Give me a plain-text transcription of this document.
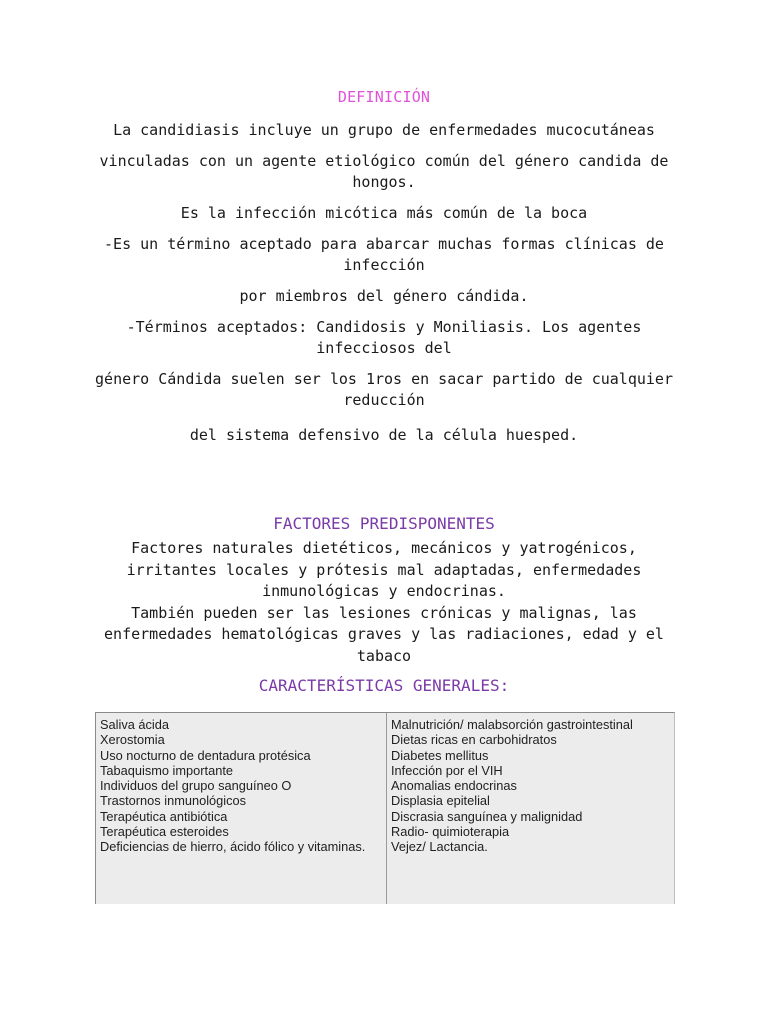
DEFINICIÓN

La candidiasis incluye un grupo de enfermedades mucocutáneas

vinculadas con un agente etiológico común del género candida de hongos.

Es la infección micótica más común de la boca

-Es un término aceptado para abarcar muchas formas clínicas de infección

por miembros del género cándida.

-Términos aceptados: Candidosis y Moniliasis. Los agentes infecciosos del

género Cándida suelen ser los 1ros en sacar partido de cualquier reducción

del sistema defensivo de la célula huesped.

FACTORES PREDISPONENTES

Factores naturales dietéticos, mecánicos y yatrogénicos, irritantes locales y prótesis mal adaptadas, enfermedades inmunológicas y endocrinas.

También pueden ser las lesiones crónicas y malignas, las enfermedades hematológicas graves y las radiaciones, edad y el tabaco

CARACTERÍSTICAS GENERALES:
Saliva ácida
Xerostomia
Uso nocturno de dentadura protésica
Tabaquismo importante
Individuos del grupo sanguíneo O
Trastornos inmunológicos
Terapéutica antibiótica
Terapéutica esteroides
Deficiencias de hierro, ácido fólico y vitaminas.
Malnutrición/ malabsorción gastrointestinal
Dietas ricas en carbohidratos
Diabetes mellitus
Infección por el VIH
Anomalias endocrinas
Displasia epitelial
Discrasia sanguínea y malignidad
Radio- quimioterapia
Vejez/ Lactancia.
